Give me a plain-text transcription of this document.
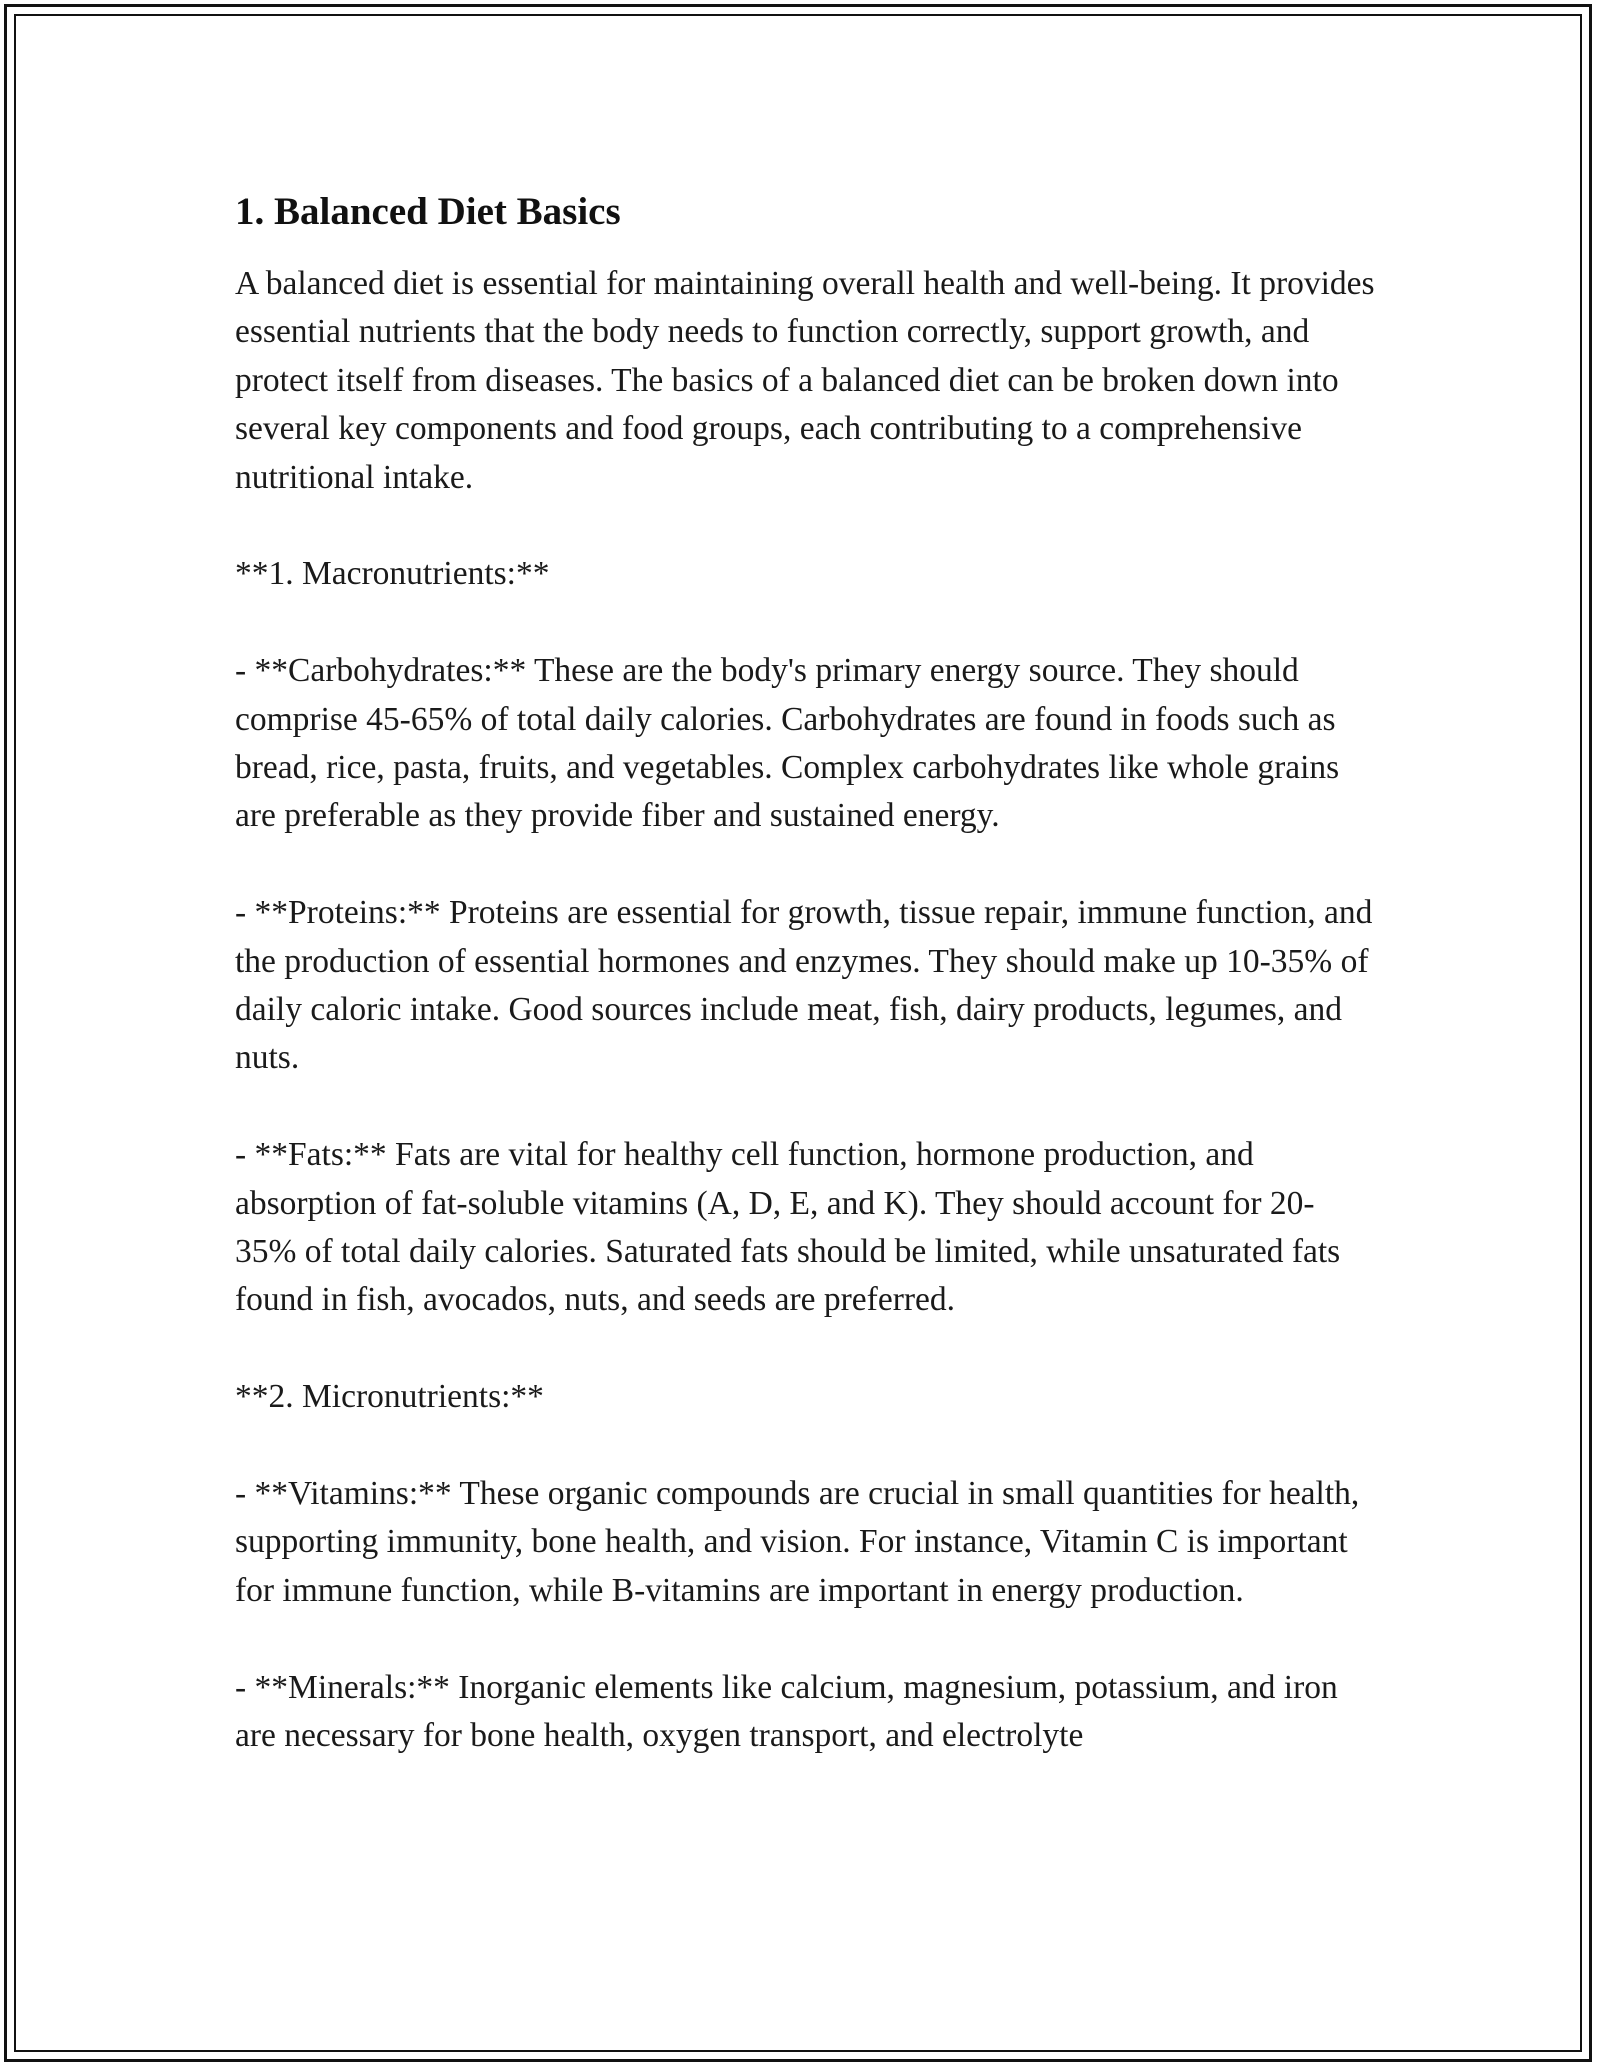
1. Balanced Diet Basics

A balanced diet is essential for maintaining overall health and well-being. It provides essential nutrients that the body needs to function correctly, support growth, and protect itself from diseases. The basics of a balanced diet can be broken down into several key components and food groups, each contributing to a comprehensive nutritional intake.

**1. Macronutrients:**

- **Carbohydrates:** These are the body's primary energy source. They should comprise 45-65% of total daily calories. Carbohydrates are found in foods such as bread, rice, pasta, fruits, and vegetables. Complex carbohydrates like whole grains are preferable as they provide fiber and sustained energy.

- **Proteins:** Proteins are essential for growth, tissue repair, immune function, and the production of essential hormones and enzymes. They should make up 10-35% of daily caloric intake. Good sources include meat, fish, dairy products, legumes, and nuts.

- **Fats:** Fats are vital for healthy cell function, hormone production, and absorption of fat-soluble vitamins (A, D, E, and K). They should account for 20-35% of total daily calories. Saturated fats should be limited, while unsaturated fats found in fish, avocados, nuts, and seeds are preferred.

**2. Micronutrients:**

- **Vitamins:** These organic compounds are crucial in small quantities for health, supporting immunity, bone health, and vision. For instance, Vitamin C is important for immune function, while B-vitamins are important in energy production.

- **Minerals:** Inorganic elements like calcium, magnesium, potassium, and iron are necessary for bone health, oxygen transport, and electrolyte
